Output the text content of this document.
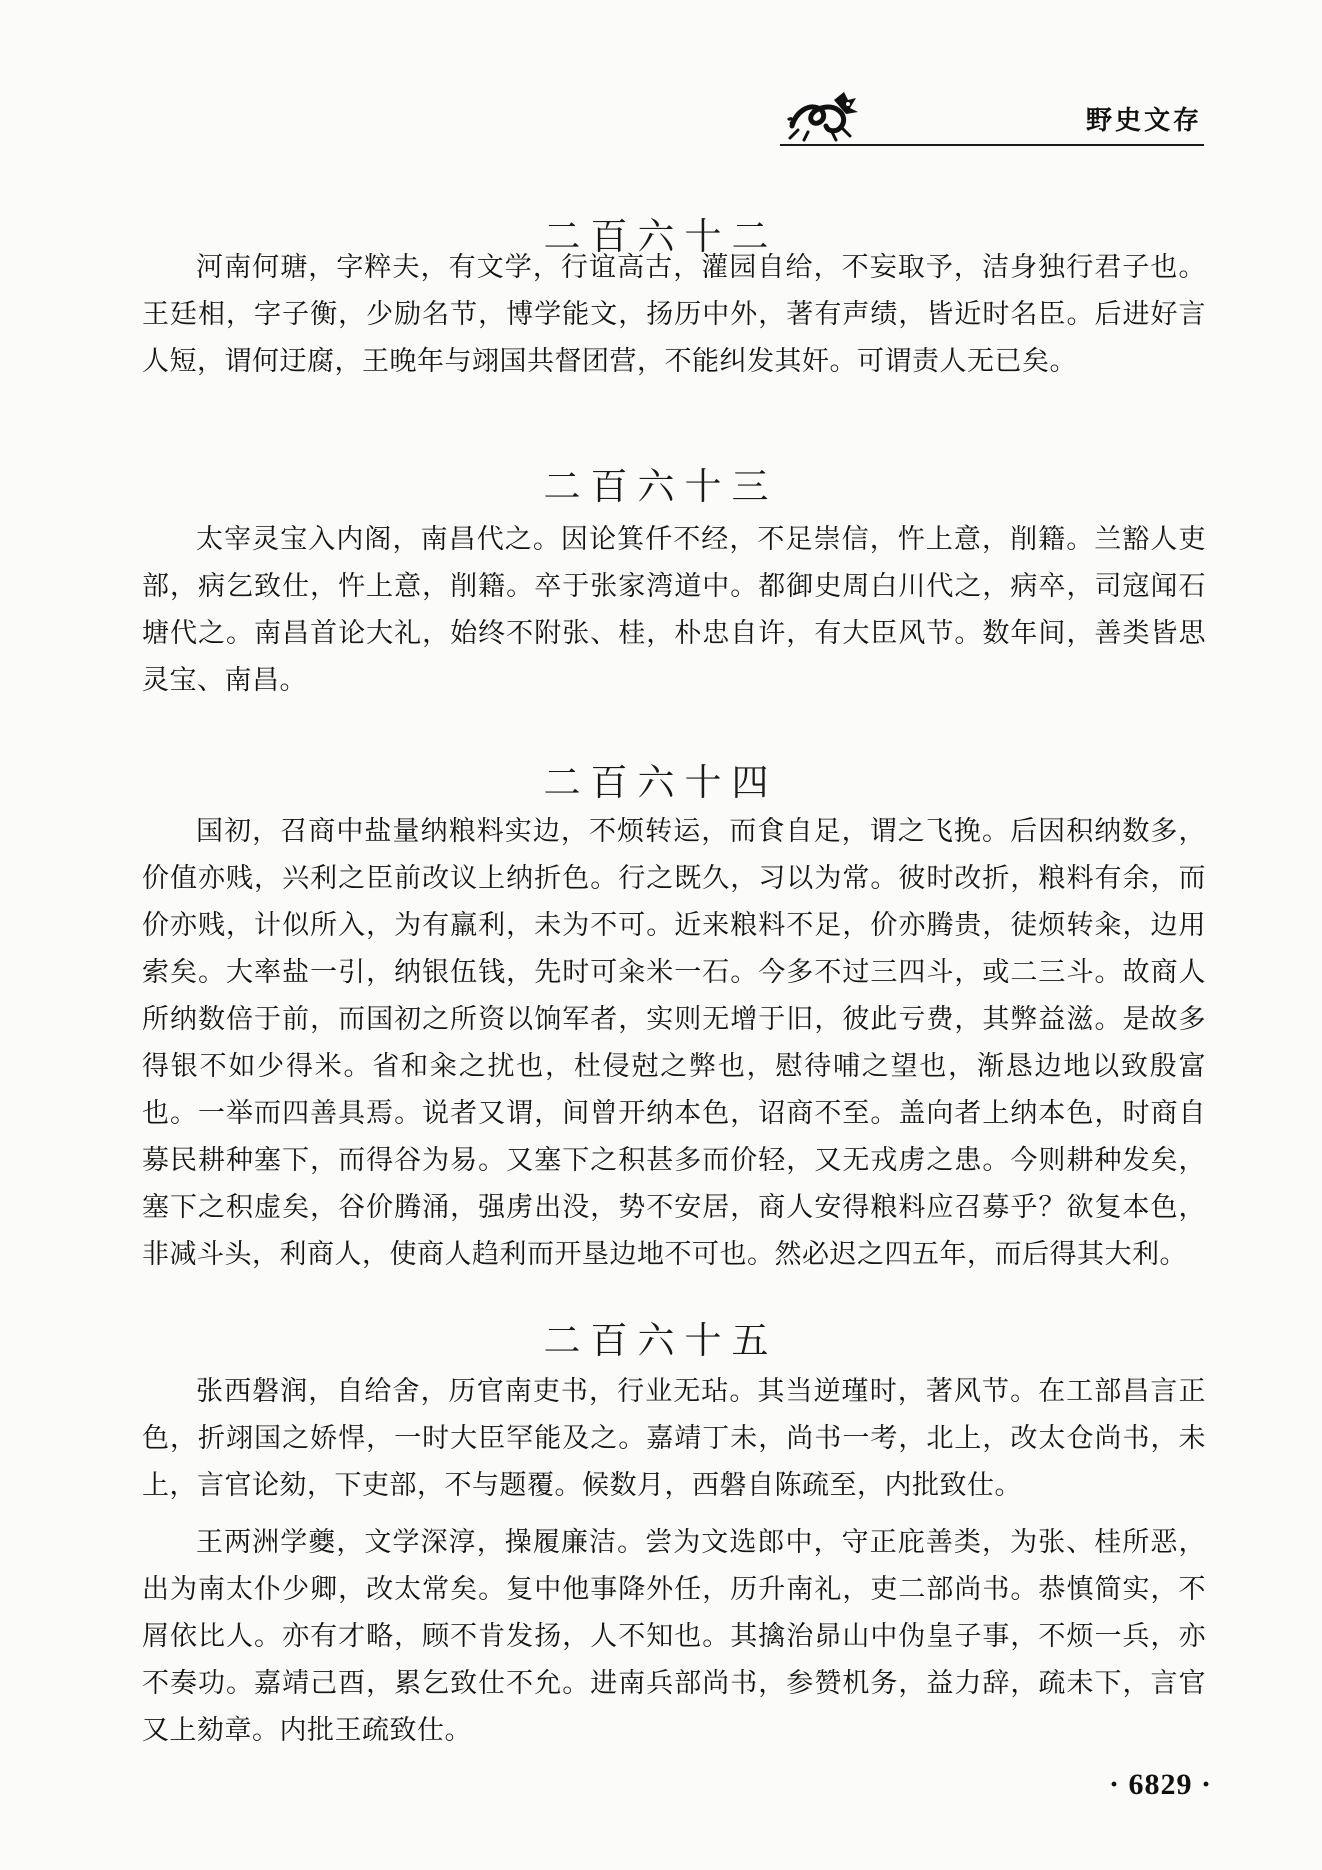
野史文存
二百六十二

河南何瑭，字粹夫，有文学，行谊高古，灌园自给，不妄取予，洁身独行君子也。王廷相，字子衡，少励名节，博学能文，扬历中外，著有声绩，皆近时名臣。后进好言人短，谓何迂腐，王晚年与翊国共督团营，不能纠发其奸。可谓责人无已矣。

二百六十三

太宰灵宝入内阁，南昌代之。因论箕仟不经，不足崇信，忤上意，削籍。兰豁人吏部，病乞致仕，忤上意，削籍。卒于张家湾道中。都御史周白川代之，病卒，司寇闻石塘代之。南昌首论大礼，始终不附张、桂，朴忠自许，有大臣风节。数年间，善类皆思灵宝、南昌。

二百六十四

国初，召商中盐量纳粮料实边，不烦转运，而食自足，谓之飞挽。后因积纳数多，价值亦贱，兴利之臣前改议上纳折色。行之既久，习以为常。彼时改折，粮料有余，而价亦贱，计似所入，为有羸利，未为不可。近来粮料不足，价亦腾贵，徒烦转籴，边用索矣。大率盐一引，纳银伍钱，先时可籴米一石。今多不过三四斗，或二三斗。故商人所纳数倍于前，而国初之所资以饷军者，实则无增于旧，彼此亏费，其弊益滋。是故多得银不如少得米。省和籴之扰也，杜侵尅之弊也，慰待哺之望也，渐恳边地以致殷富也。一举而四善具焉。说者又谓，间曾开纳本色，诏商不至。盖向者上纳本色，时商自募民耕种塞下，而得谷为易。又塞下之积甚多而价轻，又无戎虏之患。今则耕种发矣，塞下之积虚矣，谷价腾涌，强虏出没，势不安居，商人安得粮料应召募乎？欲复本色，非减斗头，利商人，使商人趋利而开垦边地不可也。然必迟之四五年，而后得其大利。

二百六十五

张西磐润，自给舍，历官南吏书，行业无玷。其当逆瑾时，著风节。在工部昌言正色，折翊国之娇悍，一时大臣罕能及之。嘉靖丁未，尚书一考，北上，改太仓尚书，未上，言官论劾，下吏部，不与题覆。候数月，西磐自陈疏至，内批致仕。

王两洲学夔，文学深淳，操履廉洁。尝为文选郎中，守正庇善类，为张、桂所恶，出为南太仆少卿，改太常矣。复中他事降外任，历升南礼，吏二部尚书。恭慎简实，不屑依比人。亦有才略，顾不肯发扬，人不知也。其擒治昴山中伪皇子事，不烦一兵，亦不奏功。嘉靖己酉，累乞致仕不允。进南兵部尚书，参赞机务，益力辞，疏未下，言官又上劾章。内批王疏致仕。

· 6829 ·
